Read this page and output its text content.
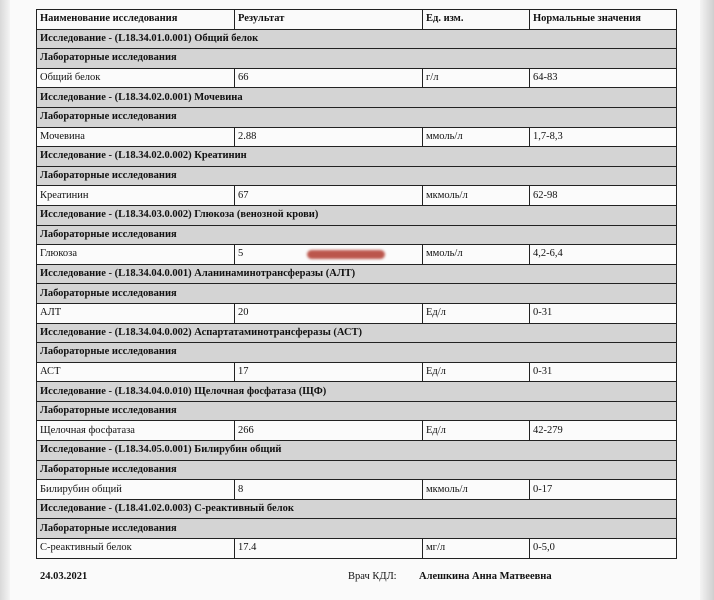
Наименование исследования	Результат	Ед. изм.	Нормальные значения
Исследование - (L18.34.01.0.001) Общий белок			
Лабораторные исследования			
Общий белок	66	г/л	64-83
Исследование - (L18.34.02.0.001) Мочевина			
Лабораторные исследования			
Мочевина	2.88	ммоль/л	1,7-8,3
Исследование - (L18.34.02.0.002) Креатинин			
Лабораторные исследования			
Креатинин	67	мкмоль/л	62-98
Исследование - (L18.34.03.0.002) Глюкоза (венозной крови)			
Лабораторные исследования			
Глюкоза	5	ммоль/л	4,2-6,4
Исследование - (L18.34.04.0.001) Аланинаминотрансферазы (АЛТ)			
Лабораторные исследования			
АЛТ	20	Ед/л	0-31
Исследование - (L18.34.04.0.002) Аспартатаминотрансферазы (АСТ)			
Лабораторные исследования			
АСТ	17	Ед/л	0-31
Исследование - (L18.34.04.0.010) Щелочная фосфатаза (ЩФ)			
Лабораторные исследования			
Щелочная фосфатаза	266	Ед/л	42-279
Исследование - (L18.34.05.0.001) Билирубин общий			
Лабораторные исследования			
Билирубин общий	8	мкмоль/л	0-17
Исследование - (L18.41.02.0.003) С-реактивный белок			
Лабораторные исследования			
С-реактивный белок	17.4	мг/л	0-5,0
24.03.2021	Врач КДЛ: Алешкина Анна Матвеевна
